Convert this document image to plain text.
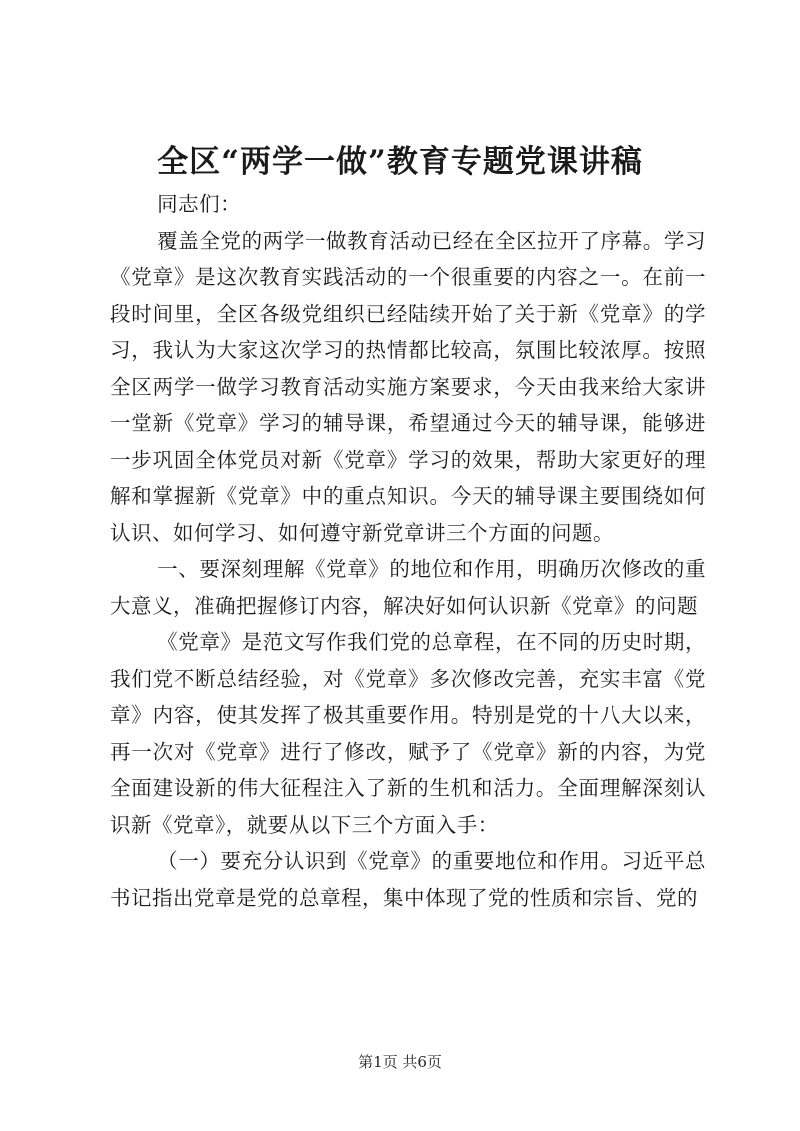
全区“两学一做”教育专题党课讲稿

同志们：

覆盖全党的两学一做教育活动已经在全区拉开了序幕。学习《党章》是这次教育实践活动的一个很重要的内容之一。在前一段时间里，全区各级党组织已经陆续开始了关于新《党章》的学习，我认为大家这次学习的热情都比较高，氛围比较浓厚。按照全区两学一做学习教育活动实施方案要求，今天由我来给大家讲一堂新《党章》学习的辅导课，希望通过今天的辅导课，能够进一步巩固全体党员对新《党章》学习的效果，帮助大家更好的理解和掌握新《党章》中的重点知识。今天的辅导课主要围绕如何认识、如何学习、如何遵守新党章讲三个方面的问题。

一、要深刻理解《党章》的地位和作用，明确历次修改的重大意义，准确把握修订内容，解决好如何认识新《党章》的问题

《党章》是范文写作我们党的总章程，在不同的历史时期，我们党不断总结经验，对《党章》多次修改完善，充实丰富《党章》内容，使其发挥了极其重要作用。特别是党的十八大以来，再一次对《党章》进行了修改，赋予了《党章》新的内容，为党全面建设新的伟大征程注入了新的生机和活力。全面理解深刻认识新《党章》，就要从以下三个方面入手：

（一）要充分认识到《党章》的重要地位和作用。习近平总书记指出党章是党的总章程，集中体现了党的性质和宗旨、党的

第1页 共6页
